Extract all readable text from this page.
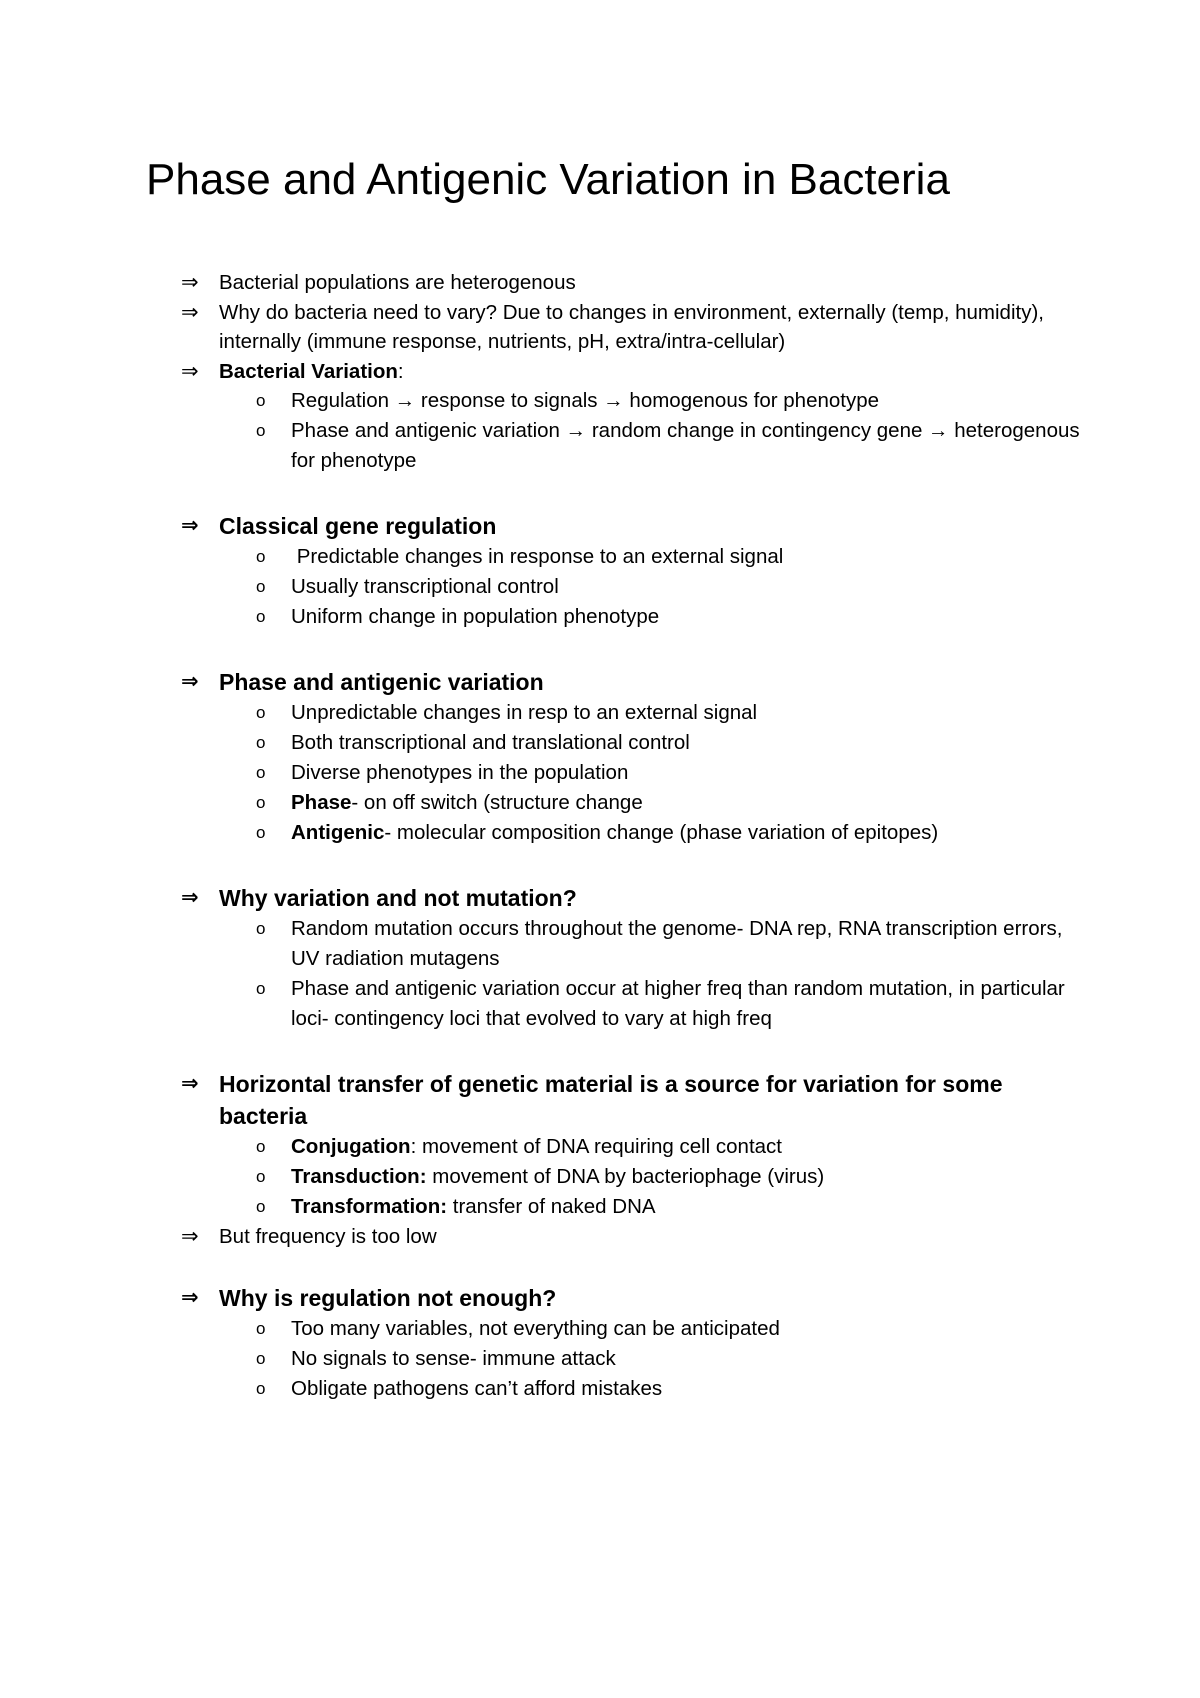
Phase and Antigenic Variation in Bacteria
⇒ Bacterial populations are heterogenous
⇒ Why do bacteria need to vary? Due to changes in environment, externally (temp, humidity), internally (immune response, nutrients, pH, extra/intra-cellular)
⇒ Bacterial Variation:
o Regulation → response to signals → homogenous for phenotype
o Phase and antigenic variation → random change in contingency gene → heterogenous for phenotype
⇒ Classical gene regulation
o Predictable changes in response to an external signal
o Usually transcriptional control
o Uniform change in population phenotype
⇒ Phase and antigenic variation
o Unpredictable changes in resp to an external signal
o Both transcriptional and translational control
o Diverse phenotypes in the population
o Phase- on off switch (structure change
o Antigenic- molecular composition change (phase variation of epitopes)
⇒ Why variation and not mutation?
o Random mutation occurs throughout the genome- DNA rep, RNA transcription errors, UV radiation mutagens
o Phase and antigenic variation occur at higher freq than random mutation, in particular loci- contingency loci that evolved to vary at high freq
⇒ Horizontal transfer of genetic material is a source for variation for some bacteria
o Conjugation: movement of DNA requiring cell contact
o Transduction: movement of DNA by bacteriophage (virus)
o Transformation: transfer of naked DNA
⇒ But frequency is too low
⇒ Why is regulation not enough?
o Too many variables, not everything can be anticipated
o No signals to sense- immune attack
o Obligate pathogens can’t afford mistakes
